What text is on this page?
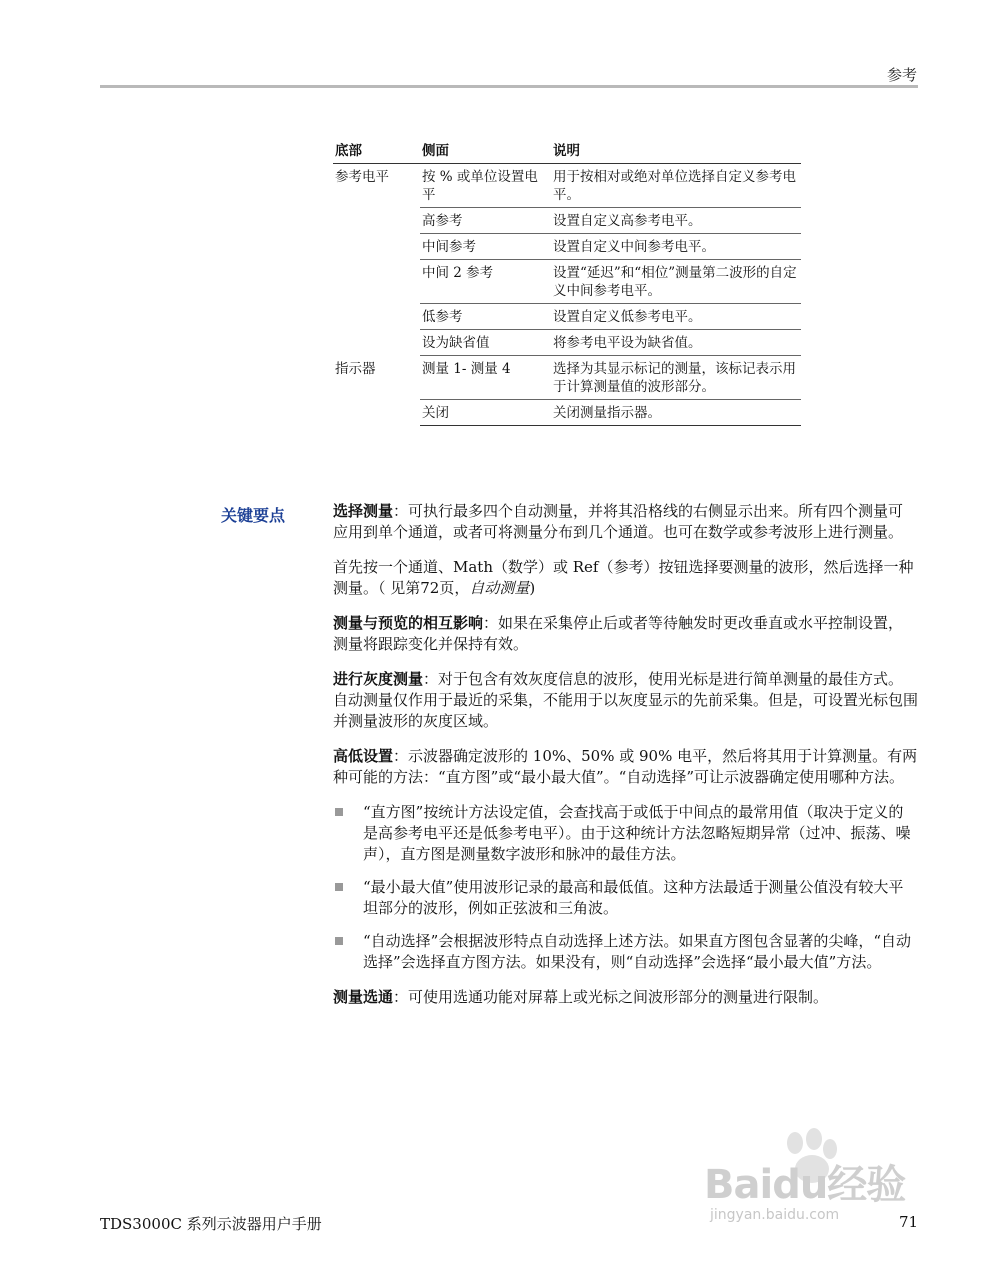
参考
底部	侧面	说明
参考电平	按 % 或单位设置电平	用于按相对或绝对单位选择自定义参考电平。
	高参考	设置自定义高参考电平。
	中间参考	设置自定义中间参考电平。
	中间 2 参考	设置“延迟”和“相位”测量第二波形的自定义中间参考电平。
	低参考	设置自定义低参考电平。
	设为缺省值	将参考电平设为缺省值。
指示器	测量 1- 测量 4	选择为其显示标记的测量，该标记表示用于计算测量值的波形部分。
	关闭	关闭测量指示器。
关键要点	选择测量：可执行最多四个自动测量，并将其沿格线的右侧显示出来。所有四个测量可应用到单个通道，或者可将测量分布到几个通道。也可在数学或参考波形上进行测量。

首先按一个通道、Math（数学）或 Ref（参考）按钮选择要测量的波形，然后选择一种测量。（ 见第72页，自动测量)

测量与预览的相互影响：如果在采集停止后或者等待触发时更改垂直或水平控制设置，测量将跟踪变化并保持有效。

进行灰度测量：对于包含有效灰度信息的波形，使用光标是进行简单测量的最佳方式。自动测量仅作用于最近的采集，不能用于以灰度显示的先前采集。但是，可设置光标包围并测量波形的灰度区域。

高低设置：示波器确定波形的 10%、50% 或 90% 电平，然后将其用于计算测量。有两种可能的方法：“直方图”或“最小最大值”。“自动选择”可让示波器确定使用哪种方法。

“直方图”按统计方法设定值，会查找高于或低于中间点的最常用值（取决于定义的是高参考电平还是低参考电平）。由于这种统计方法忽略短期异常（过冲、振荡、噪声），直方图是测量数字波形和脉冲的最佳方法。
“最小最大值”使用波形记录的最高和最低值。这种方法最适于测量公值没有较大平坦部分的波形，例如正弦波和三角波。
“自动选择”会根据波形特点自动选择上述方法。如果直方图包含显著的尖峰，“自动选择”会选择直方图方法。如果没有，则“自动选择”会选择“最小最大值”方法。

测量选通：可使用选通功能对屏幕上或光标之间波形部分的测量进行限制。

TDS3000C 系列示波器用户手册	71
Baidu经验
jingyan.baidu.com
